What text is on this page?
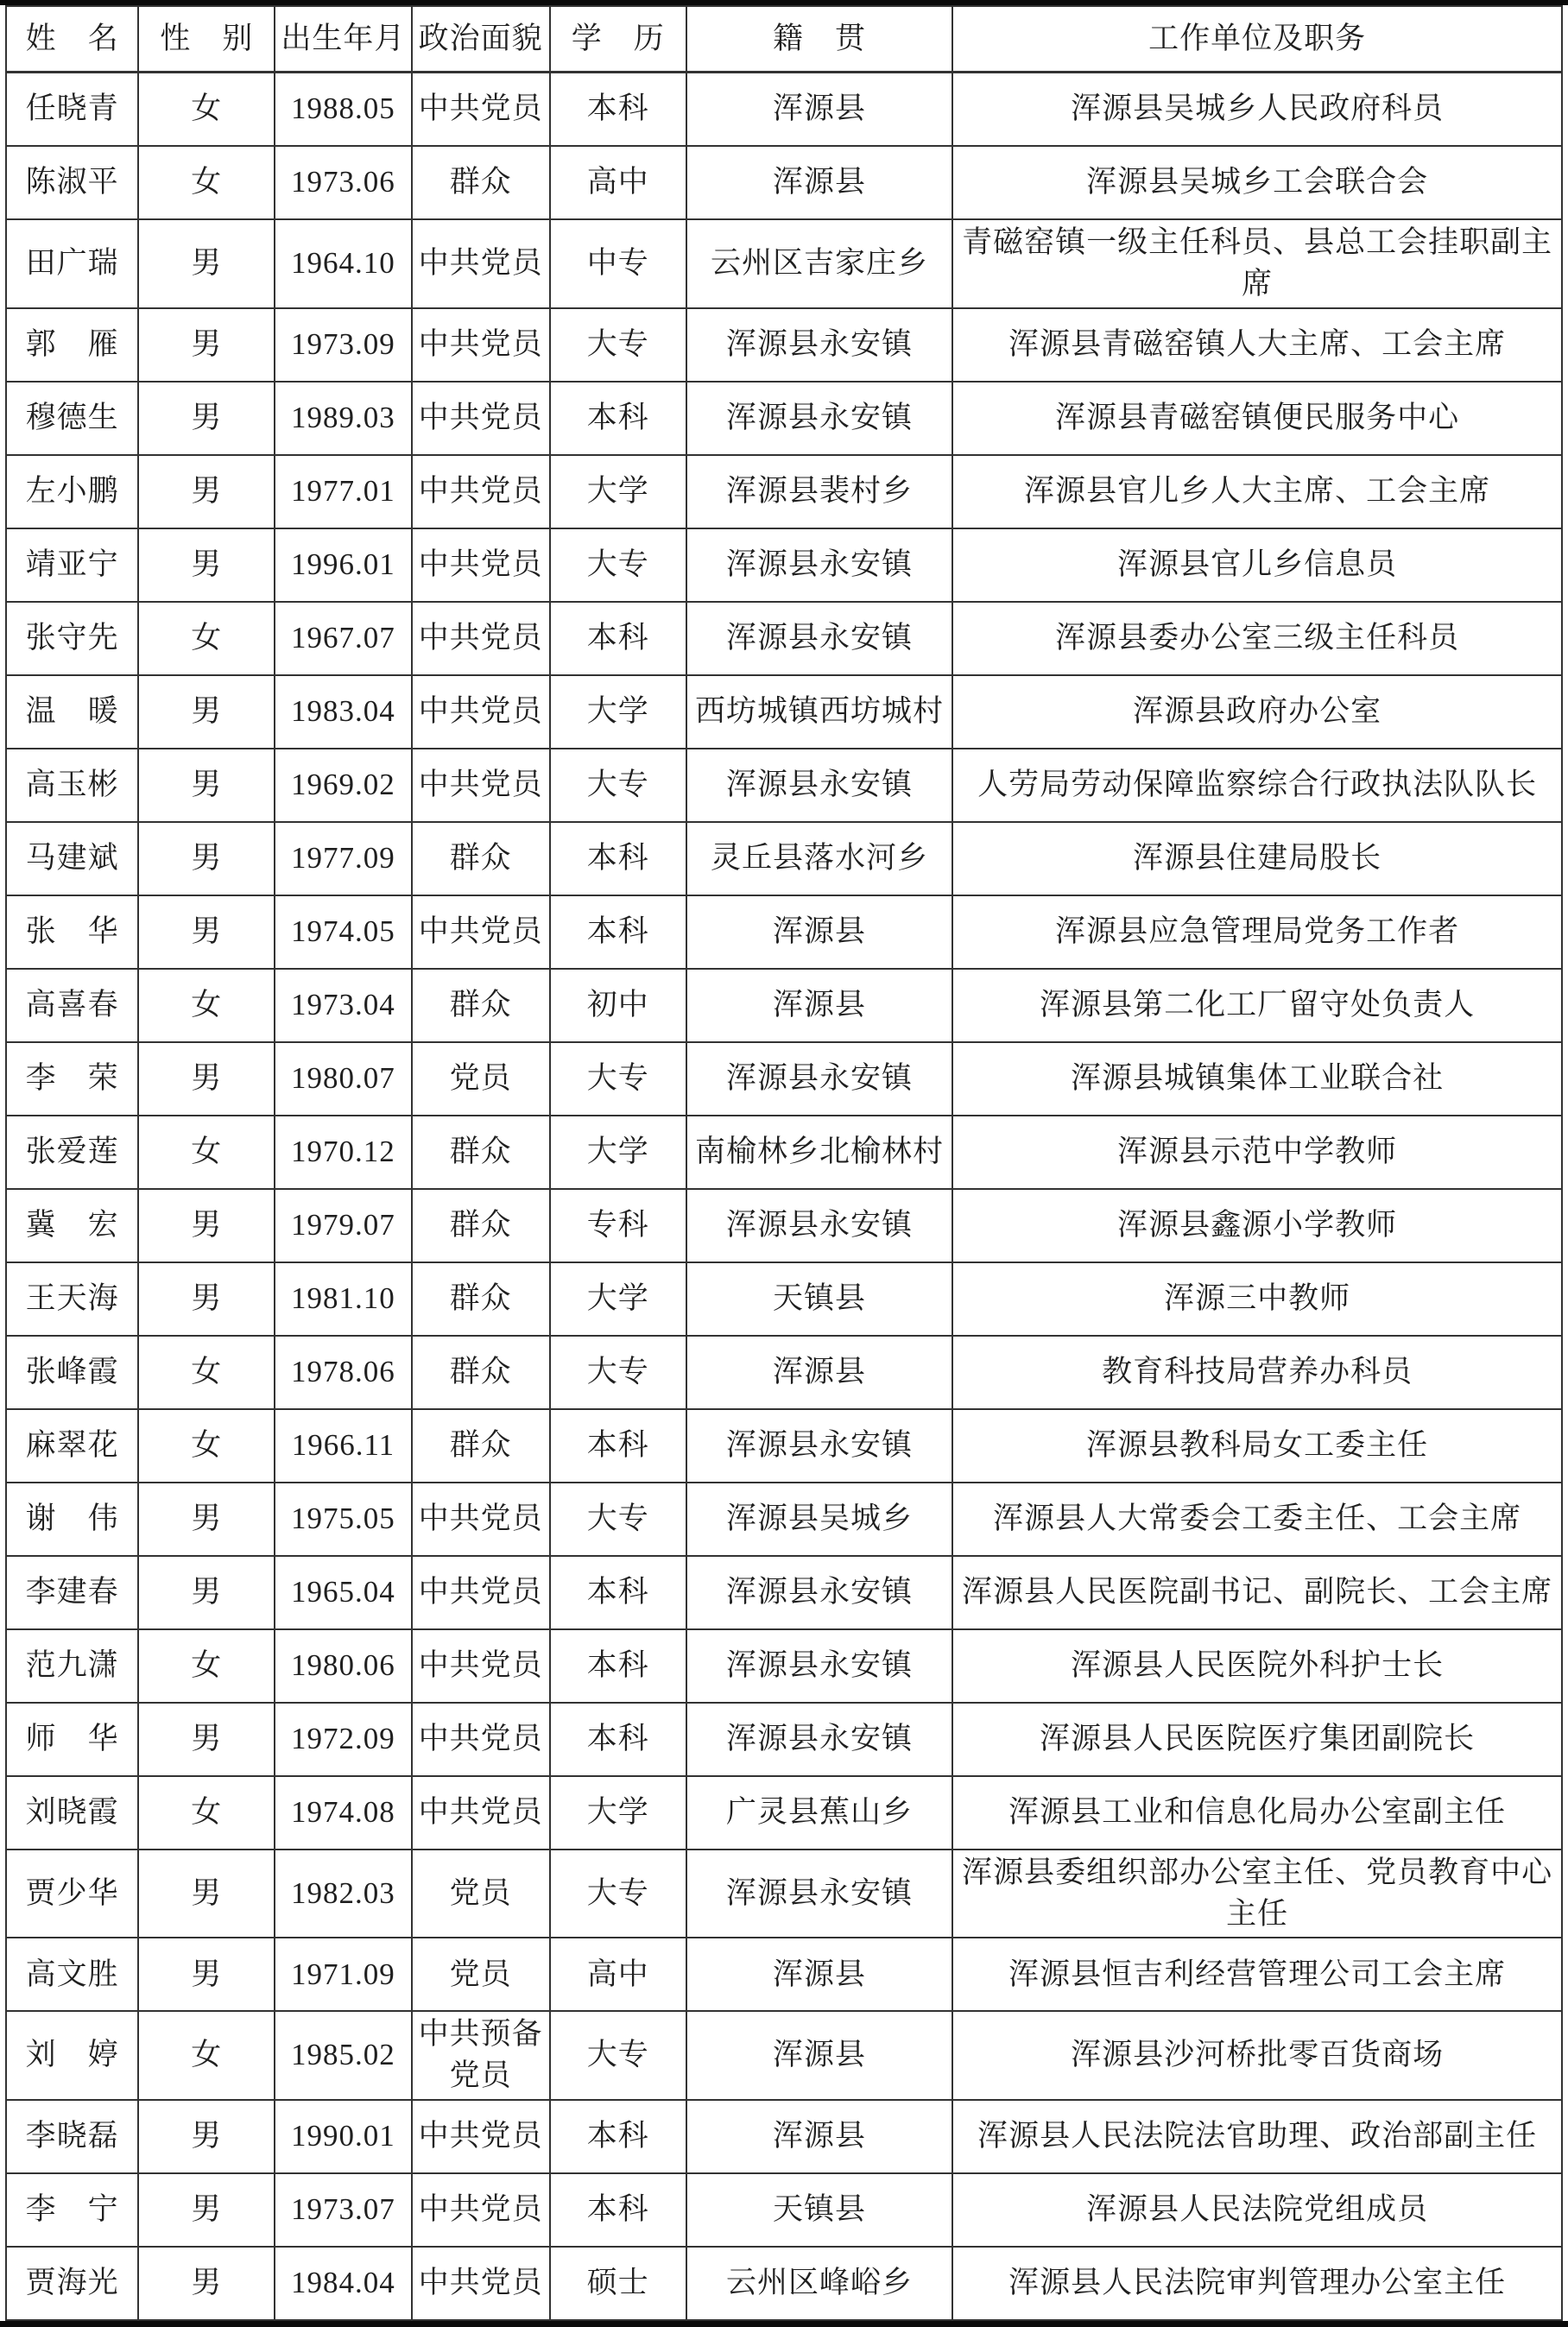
姓　名	性　别	出生年月	政治面貌	学　历	籍　贯	工作单位及职务
任晓青	女	1988.05	中共党员	本科	浑源县	浑源县吴城乡人民政府科员
陈淑平	女	1973.06	群众	高中	浑源县	浑源县吴城乡工会联合会
田广瑞	男	1964.10	中共党员	中专	云州区吉家庄乡	青磁窑镇一级主任科员、县总工会挂职副主席
郭　雁	男	1973.09	中共党员	大专	浑源县永安镇	浑源县青磁窑镇人大主席、工会主席
穆德生	男	1989.03	中共党员	本科	浑源县永安镇	浑源县青磁窑镇便民服务中心
左小鹏	男	1977.01	中共党员	大学	浑源县裴村乡	浑源县官儿乡人大主席、工会主席
靖亚宁	男	1996.01	中共党员	大专	浑源县永安镇	浑源县官儿乡信息员
张守先	女	1967.07	中共党员	本科	浑源县永安镇	浑源县委办公室三级主任科员
温　暖	男	1983.04	中共党员	大学	西坊城镇西坊城村	浑源县政府办公室
高玉彬	男	1969.02	中共党员	大专	浑源县永安镇	人劳局劳动保障监察综合行政执法队队长
马建斌	男	1977.09	群众	本科	灵丘县落水河乡	浑源县住建局股长
张　华	男	1974.05	中共党员	本科	浑源县	浑源县应急管理局党务工作者
高喜春	女	1973.04	群众	初中	浑源县	浑源县第二化工厂留守处负责人
李　荣	男	1980.07	党员	大专	浑源县永安镇	浑源县城镇集体工业联合社
张爱莲	女	1970.12	群众	大学	南榆林乡北榆林村	浑源县示范中学教师
冀　宏	男	1979.07	群众	专科	浑源县永安镇	浑源县鑫源小学教师
王天海	男	1981.10	群众	大学	天镇县	浑源三中教师
张峰霞	女	1978.06	群众	大专	浑源县	教育科技局营养办科员
麻翠花	女	1966.11	群众	本科	浑源县永安镇	浑源县教科局女工委主任
谢　伟	男	1975.05	中共党员	大专	浑源县吴城乡	浑源县人大常委会工委主任、工会主席
李建春	男	1965.04	中共党员	本科	浑源县永安镇	浑源县人民医院副书记、副院长、工会主席
范九潇	女	1980.06	中共党员	本科	浑源县永安镇	浑源县人民医院外科护士长
师　华	男	1972.09	中共党员	本科	浑源县永安镇	浑源县人民医院医疗集团副院长
刘晓霞	女	1974.08	中共党员	大学	广灵县蕉山乡	浑源县工业和信息化局办公室副主任
贾少华	男	1982.03	党员	大专	浑源县永安镇	浑源县委组织部办公室主任、党员教育中心主任
高文胜	男	1971.09	党员	高中	浑源县	浑源县恒吉利经营管理公司工会主席
刘　婷	女	1985.02	中共预备党员	大专	浑源县	浑源县沙河桥批零百货商场
李晓磊	男	1990.01	中共党员	本科	浑源县	浑源县人民法院法官助理、政治部副主任
李　宁	男	1973.07	中共党员	本科	天镇县	浑源县人民法院党组成员
贾海光	男	1984.04	中共党员	硕士	云州区峰峪乡	浑源县人民法院审判管理办公室主任
